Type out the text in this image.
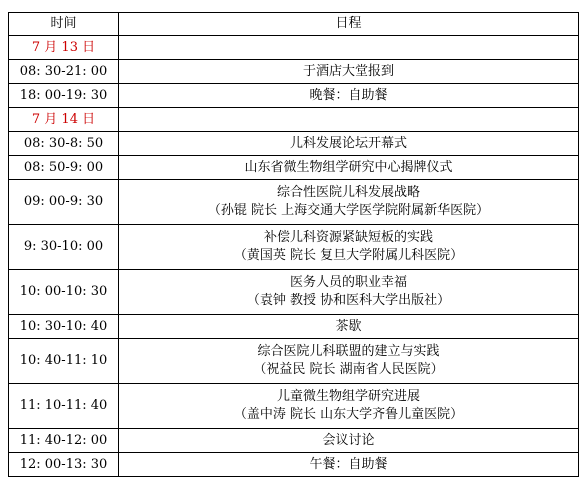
时间	日程
7 月 13 日	
08: 30-21: 00	于酒店大堂报到

18: 00-19: 30	晚餐：自助餐

7 月 14 日	
08: 30-8: 50	儿科发展论坛开幕式

08: 50-9: 00	山东省微生物组学研究中心揭牌仪式

09: 00-9: 30	综合性医院儿科发展战略
（孙锟 院长 上海交通大学医学院附属新华医院）

9: 30-10: 00	补偿儿科资源紧缺短板的实践
（黄国英 院长 复旦大学附属儿科医院）

10: 00-10: 30	医务人员的职业幸福
（袁钟 教授 协和医科大学出版社）

10: 30-10: 40	茶歇

10: 40-11: 10	综合医院儿科联盟的建立与实践
（祝益民 院长 湖南省人民医院）

11: 10-11: 40	儿童微生物组学研究进展
（盖中涛 院长 山东大学齐鲁儿童医院）

11: 40-12: 00	会议讨论

12: 00-13: 30	午餐：自助餐
